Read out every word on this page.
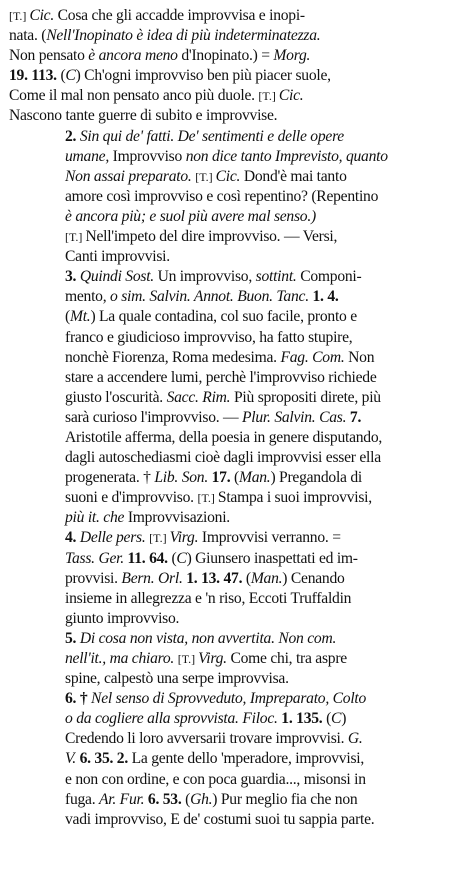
[T.] Cic. Cosa che gli accadde improvvisa e inopi-
nata. (Nell'Inopinato è idea di più indeterminatezza.
Non pensato è ancora meno d'Inopinato.) = Morg.
19. 113. (C) Ch'ogni improvviso ben più piacer suole,
Come il mal non pensato anco più duole. [T.] Cic.
Nascono tante guerre di subito e improvvise.
2. Sin qui de' fatti. De' sentimenti e delle opere
umane, Improvviso non dice tanto Imprevisto, quanto
Non assai preparato. [T.] Cic. Dond'è mai tanto
amore così improvviso e così repentino? (Repentino
è ancora più; e suol più avere mal senso.)
[T.] Nell'impeto del dire improvviso. — Versi,
Canti improvvisi.
3. Quindi Sost. Un improvviso, sottint. Componi-
mento, o sim. Salvin. Annot. Buon. Tanc. 1. 4.
(Mt.) La quale contadina, col suo facile, pronto e
franco e giudicioso improvviso, ha fatto stupire,
nonchè Fiorenza, Roma medesima. Fag. Com. Non
stare a accendere lumi, perchè l'improvviso richiede
giusto l'oscurità. Sacc. Rim. Più spropositi direte, più
sarà curioso l'improvviso. — Plur. Salvin. Cas. 7.
Aristotile afferma, della poesia in genere disputando,
dagli autoschediasmi cioè dagli improvvisi esser ella
progenerata. † Lib. Son. 17. (Man.) Pregandola di
suoni e d'improvviso. [T.] Stampa i suoi improvvisi,
più it. che Improvvisazioni.
4. Delle pers. [T.] Virg. Improvvisi verranno. =
Tass. Ger. 11. 64. (C) Giunsero inaspettati ed im-
provvisi. Bern. Orl. 1. 13. 47. (Man.) Cenando
insieme in allegrezza e 'n riso, Eccoti Truffaldin
giunto improvviso.
5. Di cosa non vista, non avvertita. Non com.
nell'it., ma chiaro. [T.] Virg. Come chi, tra aspre
spine, calpestò una serpe improvvisa.
6. † Nel senso di Sprovveduto, Impreparato, Colto
o da cogliere alla sprovvista. Filoc. 1. 135. (C)
Credendo li loro avversarii trovare improvvisi. G.
V. 6. 35. 2. La gente dello 'mperadore, improvvisi,
e non con ordine, e con poca guardia..., misonsi in
fuga. Ar. Fur. 6. 53. (Gh.) Pur meglio fia che non
vadi improvviso, E de' costumi suoi tu sappia parte.
